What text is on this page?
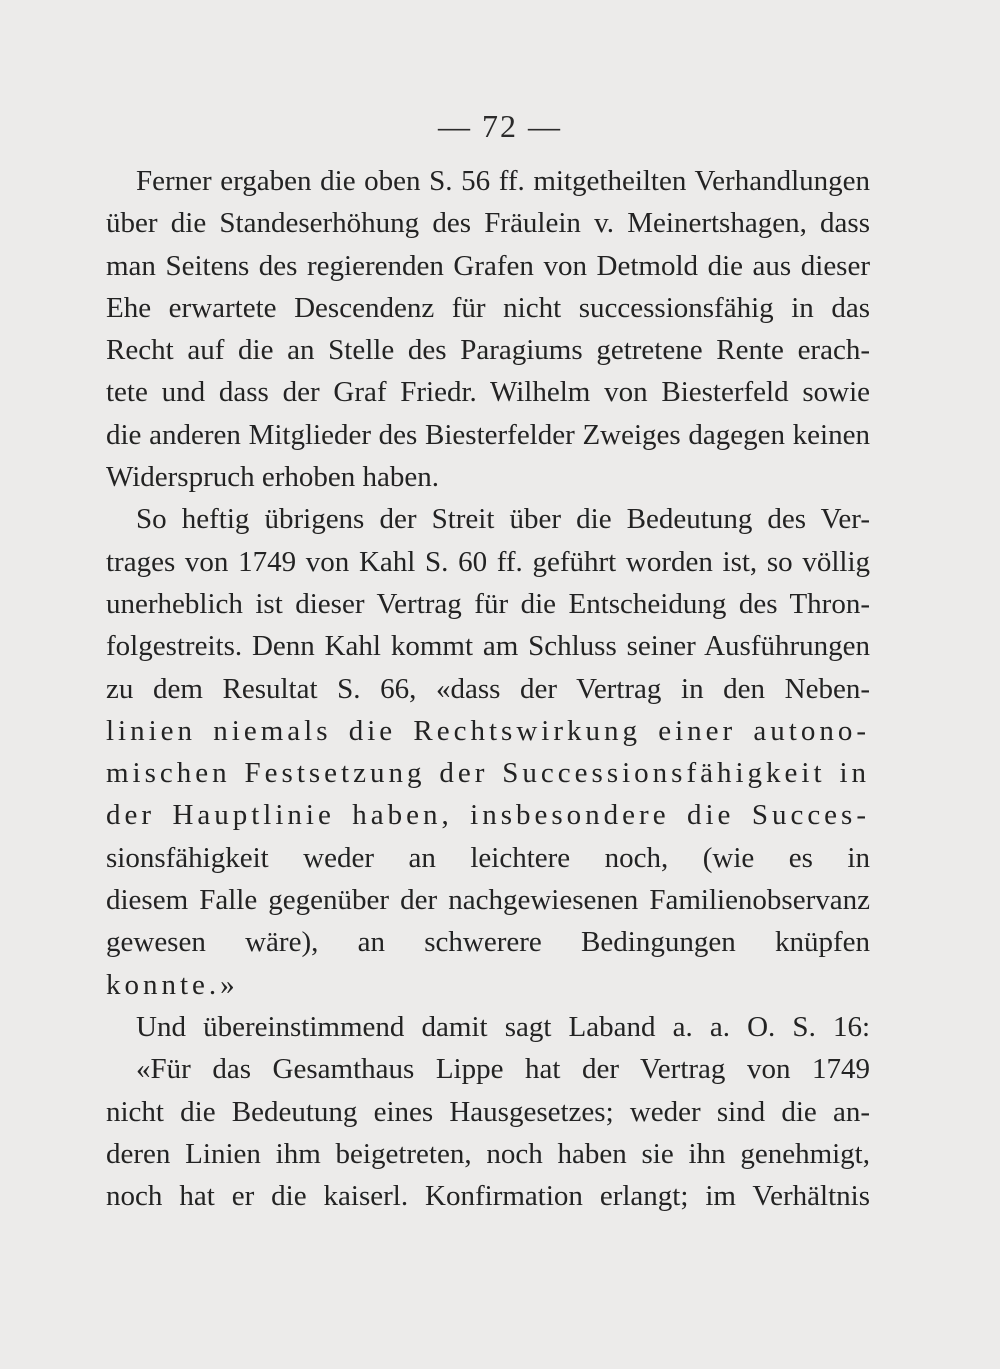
— 72 —
Ferner ergaben die oben S. 56 ff. mitgetheilten Verhandlungen
über die Standeserhöhung des Fräulein v. Meinertshagen, dass
man Seitens des regierenden Grafen von Detmold die aus dieser
Ehe erwartete Descendenz für nicht successionsfähig in das
Recht auf die an Stelle des Paragiums getretene Rente erach-
tete und dass der Graf Friedr. Wilhelm von Biesterfeld sowie
die anderen Mitglieder des Biesterfelder Zweiges dagegen keinen
Widerspruch erhoben haben.
So heftig übrigens der Streit über die Bedeutung des Ver-
trages von 1749 von Kahl S. 60 ff. geführt worden ist, so völlig
unerheblich ist dieser Vertrag für die Entscheidung des Thron-
folgestreits. Denn Kahl kommt am Schluss seiner Ausführungen
zu dem Resultat S. 66, «dass der Vertrag in den Neben-
linien niemals die Rechtswirkung einer autono-
mischen Festsetzung der Successionsfähigkeit in
der Hauptlinie haben, insbesondere die Succes-
sionsfähigkeit weder an leichtere noch, (wie es in
diesem Falle gegenüber der nachgewiesenen Familienobservanz
gewesen wäre), an schwerere Bedingungen knüpfen
konnte.»
Und übereinstimmend damit sagt Laband a. a. O. S. 16:
«Für das Gesamthaus Lippe hat der Vertrag von 1749
nicht die Bedeutung eines Hausgesetzes; weder sind die an-
deren Linien ihm beigetreten, noch haben sie ihn genehmigt,
noch hat er die kaiserl. Konfirmation erlangt; im Verhältnis
